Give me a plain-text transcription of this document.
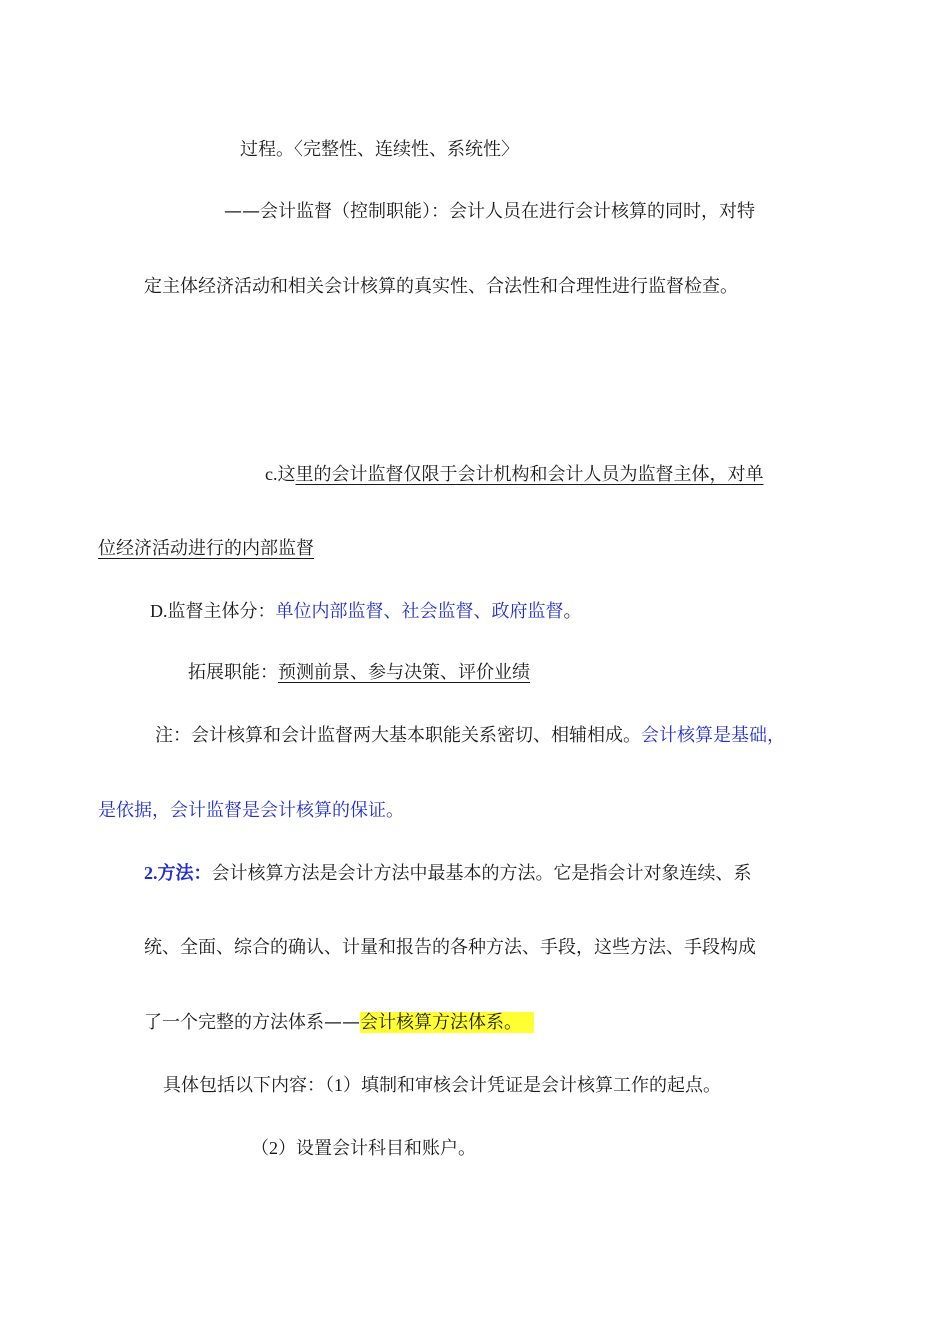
过程。〈完整性、连续性、系统性〉
——会计监督（控制职能）：会计人员在进行会计核算的同时，对特
定主体经济活动和相关会计核算的真实性、合法性和合理性进行监督检查。
c.这里的会计监督仅限于会计机构和会计人员为监督主体，对单
位经济活动进行的内部监督
D.监督主体分：单位内部监督、社会监督、政府监督。
拓展职能：预测前景、参与决策、评价业绩
注：会计核算和会计监督两大基本职能关系密切、相辅相成。会计核算是基础，
是依据，会计监督是会计核算的保证。
2.方法：会计核算方法是会计方法中最基本的方法。它是指会计对象连续、系
统、全面、综合的确认、计量和报告的各种方法、手段，这些方法、手段构成
了一个完整的方法体系——会计核算方法体系。
具体包括以下内容：（1）填制和审核会计凭证是会计核算工作的起点。
（2）设置会计科目和账户。
